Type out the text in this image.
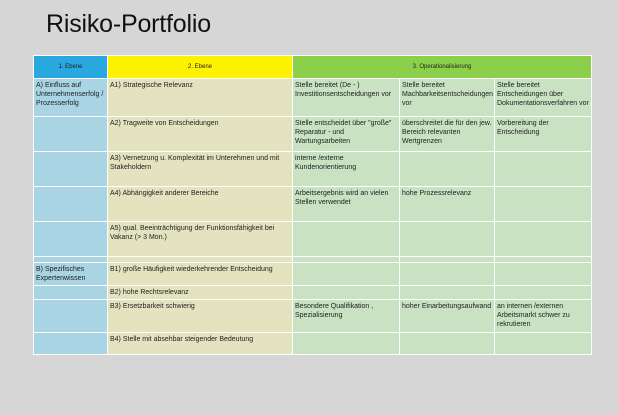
Risiko-Portfolio
1. Ebene	2. Ebene	3. Operationalisierung		
A) Einfluss auf Unternehmenserfolg / Prozesserfolg	A1) Strategische Relevanz	Stelle bereitet (De - ) Investitionsentscheidungen vor	Stelle bereitet Machbarkeitsentscheidungen vor	Stelle bereitet Entscheidungen über Dokumentationsverfahren vor
	A2) Tragweite von Entscheidungen	Stelle entscheidet über "große" Reparatur - und Wartungsarbeiten	überschreitet die für den jew. Bereich relevanten Wertgrenzen	Vorbereitung der Entscheidung
	A3) Vernetzung u. Komplexität im Unterehmen und mit Stakeholdern	interne /externe Kundenorientierung		
	A4) Abhängigkeit anderer Bereiche	Arbeitsergebnis wird an vielen Stellen verwendet	hohe Prozessrelevanz	
	A5) qual. Beeinträchtigung der Funktionsfähigkeit bei Vakanz (> 3 Mon.)			

B) Spezifisches Expertenwissen	B1) große Häufigkeit wiederkehrender Entscheidung			
	B2) hohe Rechtsrelevanz			
	B3) Ersetzbarkeit schwierig	Besondere Qualifikation , Spezialisierung	hoher Einarbeitungsaufwand	an internen /externen Arbeitsmarkt schwer zu rekrutieren
	B4) Stelle mit absehbar steigender Bedeutung			
